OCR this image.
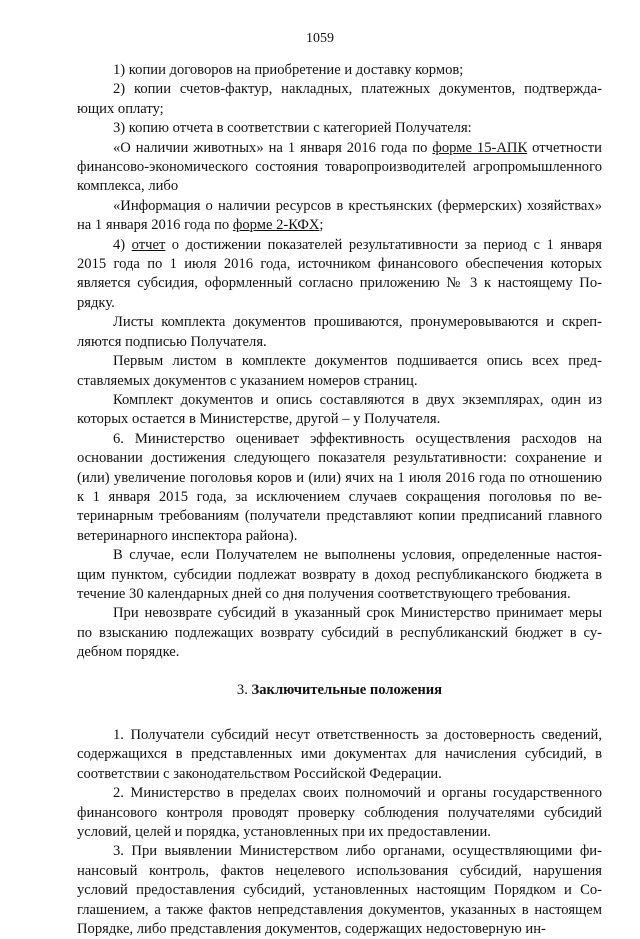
1059

1) копии договоров на приобретение и доставку кормов;

2) копии счетов-фактур, накладных, платежных документов, подтверждающих оплату;

3) копию отчета в соответствии с категорией Получателя:

«О наличии животных» на 1 января 2016 года по форме 15-АПК отчетности финансово-экономического состояния товаропроизводителей агропромышленного комплекса, либо

«Информация о наличии ресурсов в крестьянских (фермерских) хозяйствах» на 1 января 2016 года по форме 2-КФХ;

4) отчет о достижении показателей результативности за период с 1 января 2015 года по 1 июля 2016 года, источником финансового обеспечения которых является субсидия, оформленный согласно приложению № 3 к настоящему Порядку.

Листы комплекта документов прошиваются, пронумеровываются и скрепляются подписью Получателя.

Первым листом в комплекте документов подшивается опись всех представляемых документов с указанием номеров страниц.

Комплект документов и опись составляются в двух экземплярах, один из которых остается в Министерстве, другой – у Получателя.

6. Министерство оценивает эффективность осуществления расходов на основании достижения следующего показателя результативности: сохранение и (или) увеличение поголовья коров и (или) ячих на 1 июля 2016 года по отношению к 1 января 2015 года, за исключением случаев сокращения поголовья по ветеринарным требованиям (получатели представляют копии предписаний главного ветеринарного инспектора района).

В случае, если Получателем не выполнены условия, определенные настоящим пунктом, субсидии подлежат возврату в доход республиканского бюджета в течение 30 календарных дней со дня получения соответствующего требования.

При невозврате субсидий в указанный срок Министерство принимает меры по взысканию подлежащих возврату субсидий в республиканский бюджет в судебном порядке.

3. Заключительные положения

1. Получатели субсидий несут ответственность за достоверность сведений, содержащихся в представленных ими документах для начисления субсидий, в соответствии с законодательством Российской Федерации.

2. Министерство в пределах своих полномочий и органы государственного финансового контроля проводят проверку соблюдения получателями субсидий условий, целей и порядка, установленных при их предоставлении.

3. При выявлении Министерством либо органами, осуществляющими финансовый контроль, фактов нецелевого использования субсидий, нарушения условий предоставления субсидий, установленных настоящим Порядком и Соглашением, а также фактов непредставления документов, указанных в настоящем Порядке, либо представления документов, содержащих недостоверную ин-
